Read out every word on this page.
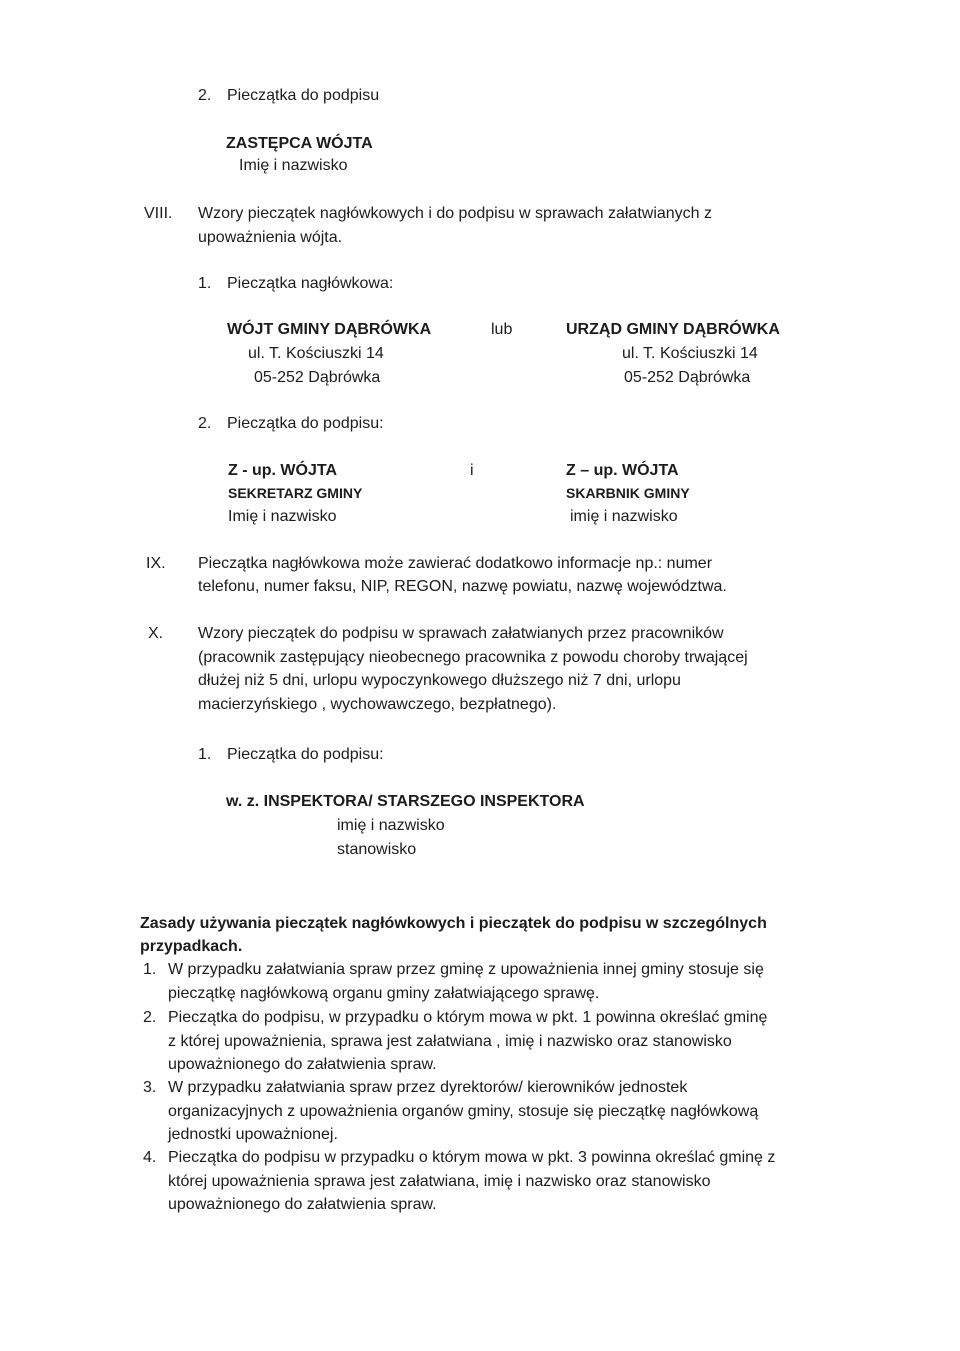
2. Pieczątka do podpisu
ZASTĘPCA WÓJTA
Imię i nazwisko
VIII. Wzory pieczątek nagłówkowych i do podpisu w sprawach załatwianych z
upoważnienia wójta.
1. Pieczątka nagłówkowa:
WÓJT GMINY DĄBRÓWKA
ul. T. Kościuszki 14
05-252 Dąbrówka
lub	URZĄD GMINY DĄBRÓWKA
ul. T. Kościuszki 14
05-252 Dąbrówka
2. Pieczątka do podpisu:
Z - up. WÓJTA
SEKRETARZ GMINY
Imię i nazwisko
i	Z – up. WÓJTA
SKARBNIK GMINY
imię i nazwisko
IX. Pieczątka nagłówkowa może zawierać dodatkowo informacje np.: numer
telefonu, numer faksu, NIP, REGON, nazwę powiatu, nazwę województwa.
X. Wzory pieczątek do podpisu w sprawach załatwianych przez pracowników
(pracownik zastępujący nieobecnego pracownika z powodu choroby trwającej
dłużej niż 5 dni, urlopu wypoczynkowego dłuższego niż 7 dni, urlopu
macierzyńskiego , wychowawczego, bezpłatnego).
1. Pieczątka do podpisu:
w. z. INSPEKTORA/ STARSZEGO INSPEKTORA
imię i nazwisko
stanowisko
Zasady używania pieczątek nagłówkowych i pieczątek do podpisu w szczególnych
przypadkach.
1. W przypadku załatwiania spraw przez gminę z upoważnienia innej gminy stosuje się
pieczątkę nagłówkową organu gminy załatwiającego sprawę.
2. Pieczątka do podpisu, w przypadku o którym mowa w pkt. 1 powinna określać gminę
z której upoważnienia, sprawa jest załatwiana , imię i nazwisko oraz stanowisko
upoważnionego do załatwienia spraw.
3. W przypadku załatwiania spraw przez dyrektorów/ kierowników jednostek
organizacyjnych z upoważnienia organów gminy, stosuje się pieczątkę nagłówkową
jednostki upoważnionej.
4. Pieczątka do podpisu w przypadku o którym mowa w pkt. 3 powinna określać gminę z
której upoważnienia sprawa jest załatwiana, imię i nazwisko oraz stanowisko
upoważnionego do załatwienia spraw.
